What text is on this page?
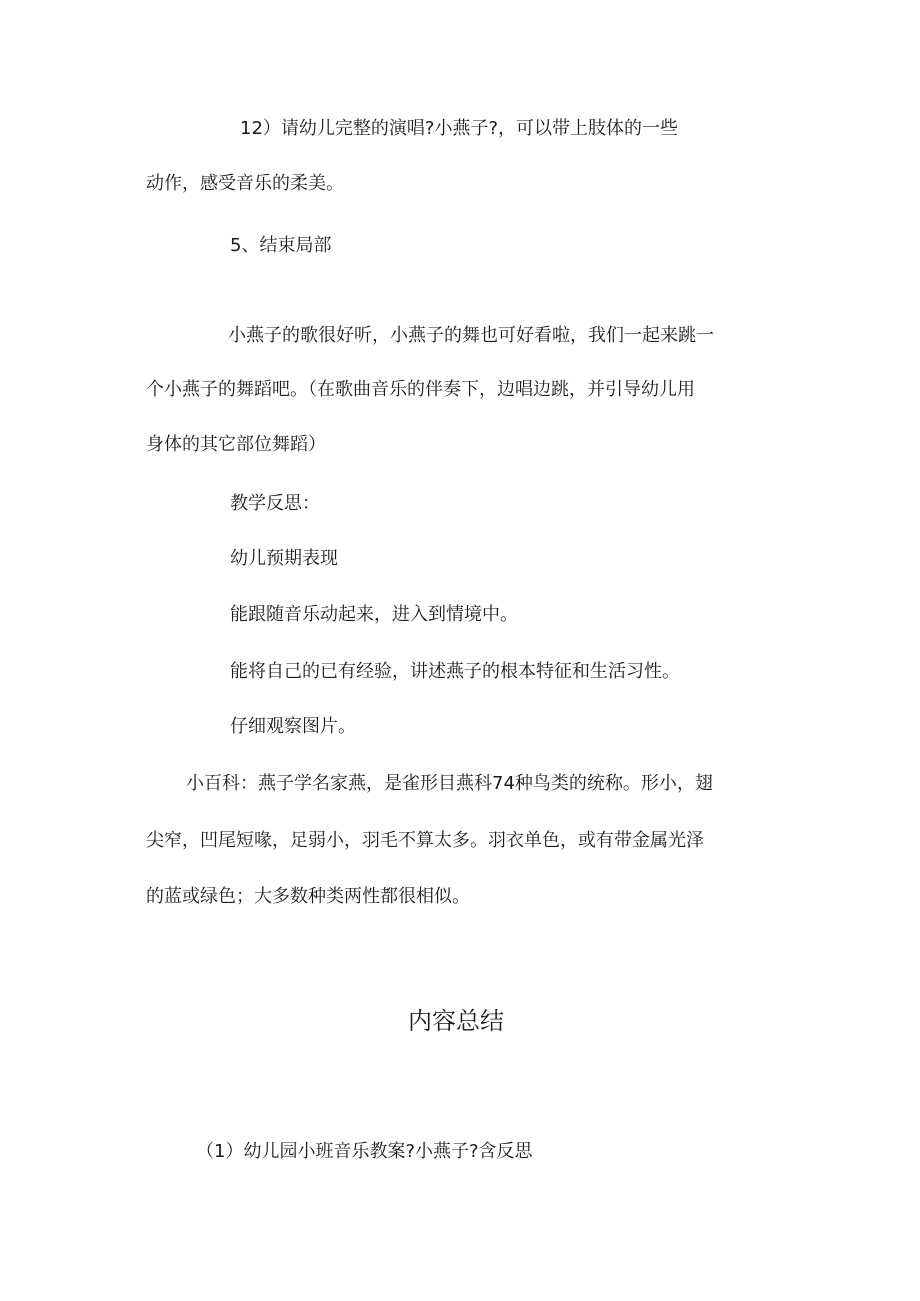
12）请幼儿完整的演唱?小燕子?，可以带上肢体的一些

动作，感受音乐的柔美。

5、结束局部

小燕子的歌很好听，小燕子的舞也可好看啦，我们一起来跳一

个小燕子的舞蹈吧。（在歌曲音乐的伴奏下，边唱边跳，并引导幼儿用

身体的其它部位舞蹈）

教学反思：

幼儿预期表现

能跟随音乐动起来，进入到情境中。

能将自己的已有经验，讲述燕子的根本特征和生活习性。

仔细观察图片。

小百科：燕子学名家燕，是雀形目燕科74种鸟类的统称。形小，翅

尖窄，凹尾短喙，足弱小，羽毛不算太多。羽衣单色，或有带金属光泽

的蓝或绿色；大多数种类两性都很相似。

内容总结

（1）幼儿园小班音乐教案?小燕子?含反思
